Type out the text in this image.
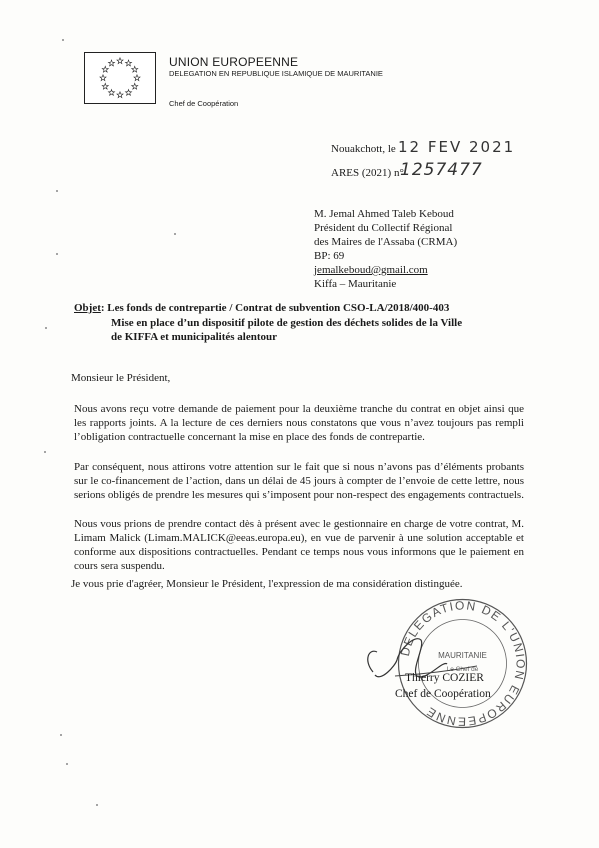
UNION EUROPEENNE
DELEGATION EN REPUBLIQUE ISLAMIQUE DE MAURITANIE
Chef de Coopération
Nouakchott, le 12 FEV 2021
ARES (2021) n°
1257477
M. Jemal Ahmed Taleb Keboud
Président du Collectif Régional
des Maires de l'Assaba (CRMA)
BP: 69
jemalkeboud@gmail.com
Kiffa – Mauritanie
Objet: Les fonds de contrepartie / Contrat de subvention CSO-LA/2018/400-403
Mise en place d’un dispositif pilote de gestion des déchets solides de la Ville
de KIFFA et municipalités alentour
Monsieur le Président,
Nous avons reçu votre demande de paiement pour la deuxième tranche du contrat en objet ainsi que les rapports joints. A la lecture de ces derniers nous constatons que vous n’avez toujours pas rempli l’obligation contractuelle concernant la mise en place des fonds de contrepartie.
Par conséquent, nous attirons votre attention sur le fait que si nous n’avons pas d’éléments probants sur le co-financement de l’action, dans un délai de 45 jours à compter de l’envoie de cette lettre, nous serions obligés de prendre les mesures qui s’imposent pour non-respect des engagements contractuels.
Nous vous prions de prendre contact dès à présent avec le gestionnaire en charge de votre contrat, M. Limam Malick (Limam.MALICK@eeas.europa.eu), en vue de parvenir à une solution acceptable et conforme aux dispositions contractuelles. Pendant ce temps nous vous informons que le paiement en cours sera suspendu.
Je vous prie d'agréer, Monsieur le Président, l'expression de ma considération distinguée.
DELEGATION DE L'UNION EUROPEENNE
MAURITANIE
Le Chef de
Thierry COZIER
Chef de Coopération
